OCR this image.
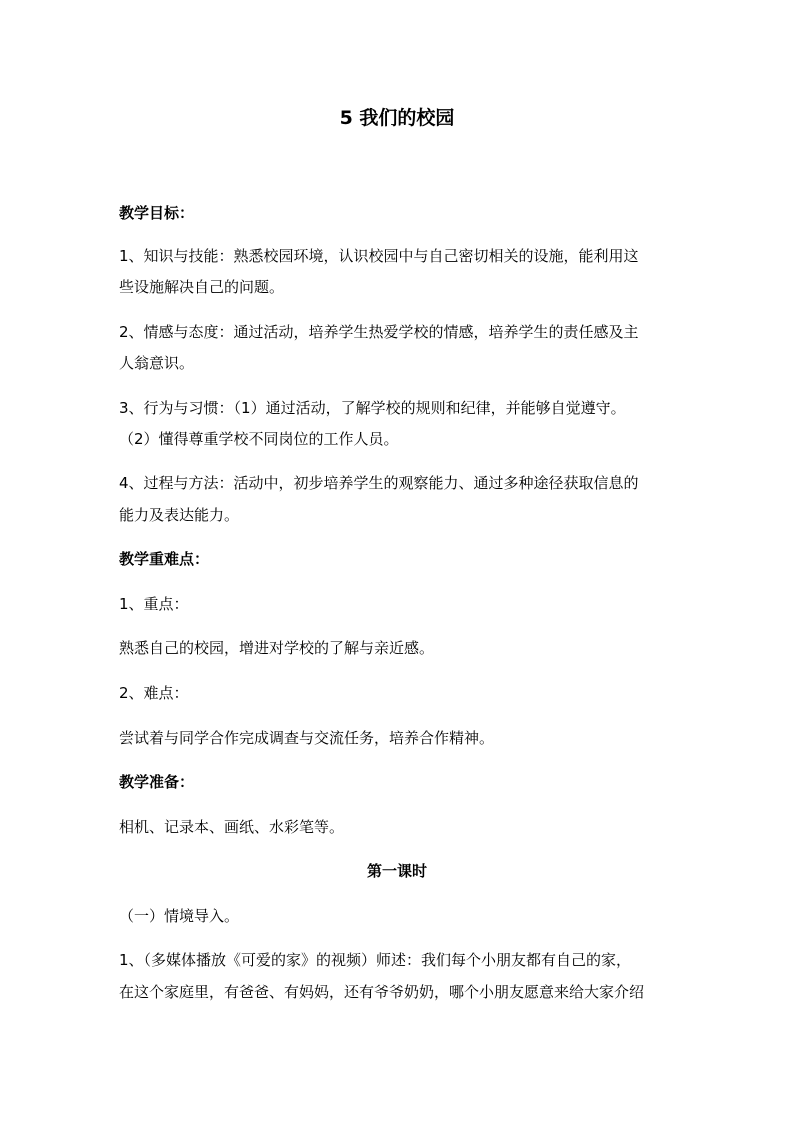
5 我们的校园
教学目标：
1、知识与技能：熟悉校园环境，认识校园中与自己密切相关的设施，能利用这
些设施解决自己的问题。
2、情感与态度：通过活动，培养学生热爱学校的情感，培养学生的责任感及主
人翁意识。
3、行为与习惯：（1）通过活动，了解学校的规则和纪律，并能够自觉遵守。
（2）懂得尊重学校不同岗位的工作人员。
4、过程与方法：活动中，初步培养学生的观察能力、通过多种途径获取信息的
能力及表达能力。
教学重难点：
1、重点：
熟悉自己的校园，增进对学校的了解与亲近感。
2、难点：
尝试着与同学合作完成调查与交流任务，培养合作精神。
教学准备：
相机、记录本、画纸、水彩笔等。
第一课时
（一）情境导入。
1、（多媒体播放《可爱的家》的视频）师述：我们每个小朋友都有自己的家，
在这个家庭里，有爸爸、有妈妈，还有爷爷奶奶，哪个小朋友愿意来给大家介绍
